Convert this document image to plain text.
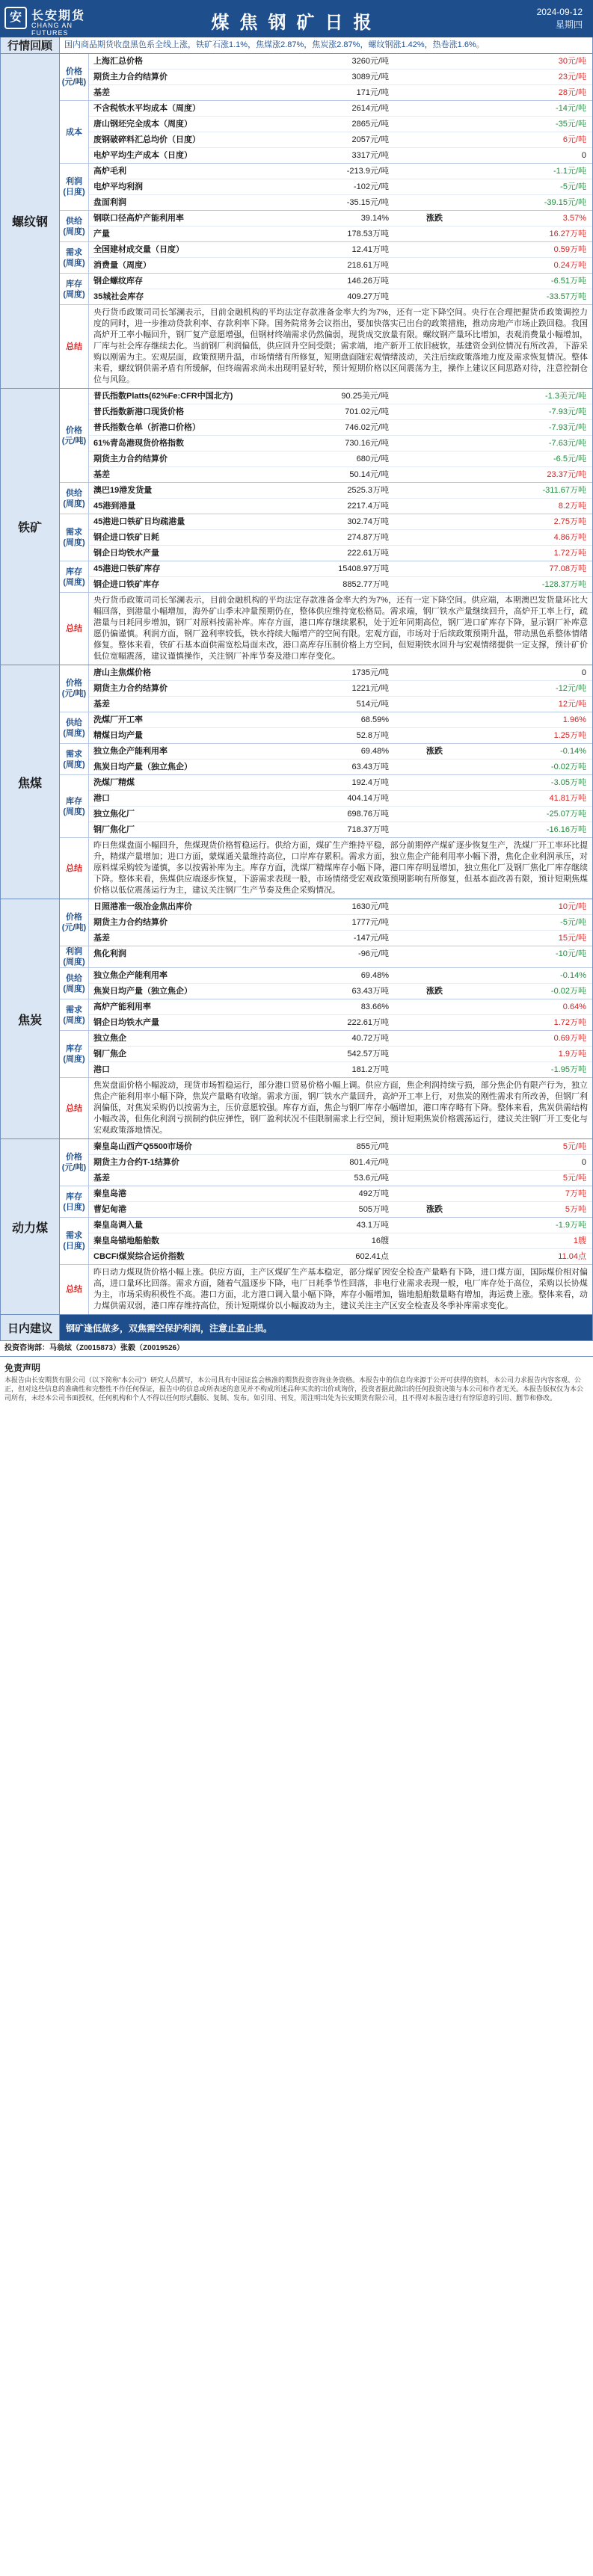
安 长安期货
CHANG AN FUTURES	煤焦钢矿日报
2024-09-12
星期四
行情回顾	国内商品期货收盘黑色系全线上涨，铁矿石涨1.1%，焦煤涨2.87%，焦炭涨2.87%，螺纹钢涨1.42%，热卷涨1.6%。
螺纹钢
价格
(元/吨)
上海汇总价格	3260元/吨	30元/吨
期货主力合约结算价	3089元/吨	23元/吨
基差	171元/吨	28元/吨
成本
不含税铁水平均成本（周度）	2614元/吨	-14元/吨
唐山钢坯完全成本（周度）	2865元/吨	-35元/吨
废钢破碎料汇总均价（日度）	2057元/吨	6元/吨
电炉平均生产成本（日度）	3317元/吨	0
利润
(日度)
高炉毛利	-213.9元/吨	-1.1元/吨
电炉平均利润	-102元/吨	-5元/吨
盘面利润	-35.15元/吨	-39.15元/吨
供给
(周度)
钢联口径高炉产能利用率	39.14%	涨跌	3.57%
产量	178.53万吨	16.27万吨
需求
(周度)
全国建材成交量（日度）	12.41万吨	0.59万吨
消费量（周度）	218.61万吨	0.24万吨
库存
(周度)
钢企螺纹库存	146.26万吨	-6.51万吨
35城社会库存	409.27万吨	-33.57万吨
总结
央行货币政策司司长邹澜表示，目前金融机构的平均法定存款准备金率大约为7%，还有一定下降空间。央行在合理把握货币政策调控力度的同时，进一步推动贷款利率、存款利率下降。国务院常务会议指出，要加快落实已出台的政策措施，推动房地产市场止跌回稳。我国高炉开工率小幅回升，钢厂复产意愿增强，但钢材终端需求仍然偏弱，现货成交放量有限。螺纹钢产量环比增加，表观消费量小幅增加，厂库与社会库存继续去化。当前钢厂利润偏低，供应回升空间受限；需求端，地产新开工依旧疲软，基建资金到位情况有所改善，下游采购以刚需为主。宏观层面，政策预期升温，市场情绪有所修复，短期盘面随宏观情绪波动，关注后续政策落地力度及需求恢复情况。整体来看，螺纹钢供需矛盾有所缓解，但终端需求尚未出现明显好转，预计短期价格以区间震荡为主，操作上建议区间思路对待，注意控制仓位与风险。
铁矿
价格
(元/吨)
普氏指数Platts(62%Fe:CFR中国北方)	90.25美元/吨	-1.3美元/吨
普氏指数新港口现货价格	701.02元/吨	-7.93元/吨
普氏指数仓单（折港口价格）	746.02元/吨	-7.93元/吨
61%青岛港现货价格指数	730.16元/吨	-7.63元/吨
期货主力合约结算价	680元/吨	-6.5元/吨
基差	50.14元/吨	23.37元/吨
供给
(周度)
澳巴19港发货量	2525.3万吨	-311.67万吨
45港到港量	2217.4万吨	8.2万吨
需求
(周度)
45港进口铁矿日均疏港量	302.74万吨	2.75万吨
钢企进口铁矿日耗	274.87万吨	4.86万吨
钢企日均铁水产量	222.61万吨	1.72万吨
库存
(周度)
45港进口铁矿库存	15408.97万吨	77.08万吨
钢企进口铁矿库存	8852.77万吨	-128.37万吨
总结
央行货币政策司司长邹澜表示，目前金融机构的平均法定存款准备金率大约为7%，还有一定下降空间。供应端，本期澳巴发货量环比大幅回落，到港量小幅增加，海外矿山季末冲量预期仍在，整体供应维持宽松格局。需求端，钢厂铁水产量继续回升，高炉开工率上行，疏港量与日耗同步增加，钢厂对原料按需补库。库存方面，港口库存继续累积，处于近年同期高位，钢厂进口矿库存下降，显示钢厂补库意愿仍偏谨慎。利润方面，钢厂盈利率较低，铁水持续大幅增产的空间有限。宏观方面，市场对于后续政策预期升温，带动黑色系整体情绪修复。整体来看，铁矿石基本面供需宽松局面未改，港口高库存压制价格上方空间，但短期铁水回升与宏观情绪提供一定支撑，预计矿价低位宽幅震荡，建议谨慎操作，关注钢厂补库节奏及港口库存变化。
焦煤
价格
(元/吨)
唐山主焦煤价格	1735元/吨	0
期货主力合约结算价	1221元/吨	-12元/吨
基差	514元/吨	12元/吨
供给
(周度)
洗煤厂开工率	68.59%	1.96%
精煤日均产量	52.8万吨	1.25万吨
需求
(周度)
独立焦企产能利用率	69.48%	涨跌	-0.14%
焦炭日均产量（独立焦企）	63.43万吨	-0.02万吨
库存
(周度)
洗煤厂精煤	192.4万吨	-3.05万吨
港口	404.14万吨	41.81万吨
独立焦化厂	698.76万吨	-25.07万吨
钢厂焦化厂	718.37万吨	-16.16万吨
总结
昨日焦煤盘面小幅回升，焦煤现货价格暂稳运行。供给方面，煤矿生产维持平稳，部分前期停产煤矿逐步恢复生产，洗煤厂开工率环比提升，精煤产量增加；进口方面，蒙煤通关量维持高位，口岸库存累积。需求方面，独立焦企产能利用率小幅下滑，焦化企业利润承压，对原料煤采购较为谨慎，多以按需补库为主。库存方面，洗煤厂精煤库存小幅下降，港口库存明显增加，独立焦化厂及钢厂焦化厂库存继续下降。整体来看，焦煤供应端逐步恢复，下游需求表现一般，市场情绪受宏观政策预期影响有所修复，但基本面改善有限，预计短期焦煤价格以低位震荡运行为主，建议关注钢厂生产节奏及焦企采购情况。
焦炭
价格
(元/吨)
日照港准一级冶金焦出库价	1630元/吨	10元/吨
期货主力合约结算价	1777元/吨	-5元/吨
基差	-147元/吨	15元/吨
利润
(周度)
焦化利润	-96元/吨	-10元/吨
供给
(周度)
独立焦企产能利用率	69.48%	-0.14%
焦炭日均产量（独立焦企）	63.43万吨	涨跌	-0.02万吨
需求
(周度)
高炉产能利用率	83.66%	0.64%
钢企日均铁水产量	222.61万吨	1.72万吨
库存
(周度)
独立焦企	40.72万吨	0.69万吨
钢厂焦企	542.57万吨	1.9万吨
港口	181.2万吨	-1.95万吨
总结
焦炭盘面价格小幅波动，现货市场暂稳运行，部分港口贸易价格小幅上调。供应方面，焦企利润持续亏损，部分焦企仍有限产行为，独立焦企产能利用率小幅下降，焦炭产量略有收缩。需求方面，钢厂铁水产量回升，高炉开工率上行，对焦炭的刚性需求有所改善，但钢厂利润偏低，对焦炭采购仍以按需为主，压价意愿较强。库存方面，焦企与钢厂库存小幅增加，港口库存略有下降。整体来看，焦炭供需结构小幅改善，但焦化利润亏损制约供应弹性，钢厂盈利状况不佳限制需求上行空间，预计短期焦炭价格震荡运行，建议关注钢厂开工变化与宏观政策落地情况。
动力煤
价格
(元/吨)
秦皇岛山西产Q5500市场价	855元/吨	5元/吨
期货主力合约T-1结算价	801.4元/吨	0
基差	53.6元/吨	5元/吨
库存
(日度)
秦皇岛港	492万吨	7万吨
曹妃甸港	505万吨	涨跌	5万吨
需求
(日度)
秦皇岛调入量	43.1万吨	-1.9万吨
秦皇岛锚地船舶数	16艘	1艘
CBCFI煤炭综合运价指数	602.41点	11.04点
总结
昨日动力煤现货价格小幅上涨。供应方面，主产区煤矿生产基本稳定，部分煤矿因安全检查产量略有下降，进口煤方面，国际煤价相对偏高，进口量环比回落。需求方面，随着气温逐步下降，电厂日耗季节性回落，非电行业需求表现一般，电厂库存处于高位，采购以长协煤为主，市场采购积极性不高。港口方面，北方港口调入量小幅下降，库存小幅增加，锚地船舶数量略有增加，海运费上涨。整体来看，动力煤供需双弱，港口库存维持高位，预计短期煤价以小幅波动为主，建议关注主产区安全检查及冬季补库需求变化。
日内建议	钢矿逢低做多，双焦需空保护利润，注意止盈止损。
投资咨询部：马翁炫（Z0015873）张毅（Z0019526）
免责声明
本报告由长安期货有限公司（以下简称“本公司”）研究人员撰写，本公司具有中国证监会核准的期货投资咨询业务资格。本报告中的信息均来源于公开可获得的资料，本公司力求报告内容客观、公正，但对这些信息的准确性和完整性不作任何保证，报告中的信息或所表述的意见并不构成所述品种买卖的出价或询价，投资者据此做出的任何投资决策与本公司和作者无关。本报告版权仅为本公司所有，未经本公司书面授权，任何机构和个人不得以任何形式翻版、复制、发布。如引用、刊发，需注明出处为长安期货有限公司，且不得对本报告进行有悖原意的引用、删节和修改。
